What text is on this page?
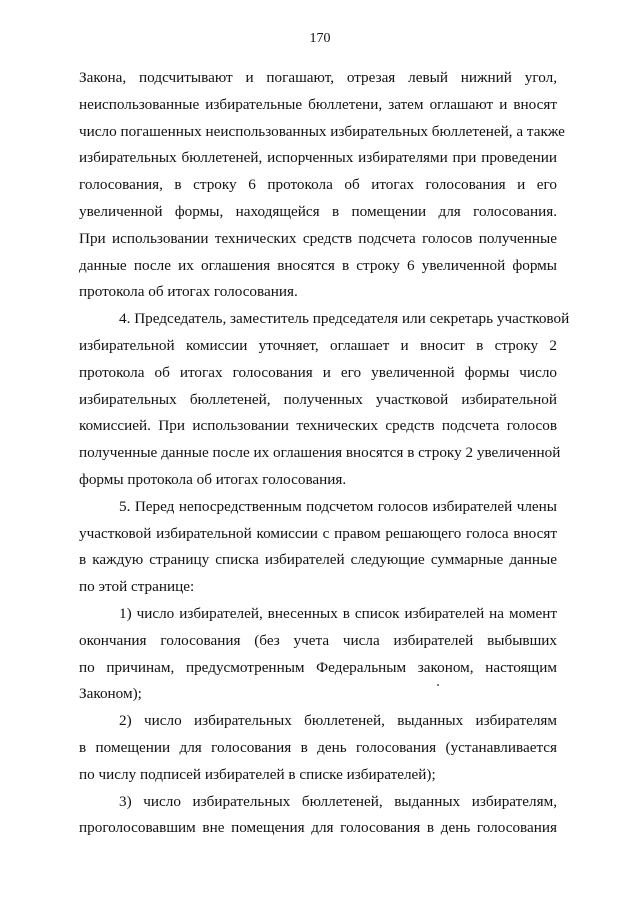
170
Закона, подсчитывают и погашают, отрезая левый нижний угол,
неиспользованные избирательные бюллетени, затем оглашают и вносят
число погашенных неиспользованных избирательных бюллетеней, а также
избирательных бюллетеней, испорченных избирателями при проведении
голосования, в строку 6 протокола об итогах голосования и его
увеличенной формы, находящейся в помещении для голосования.
При использовании технических средств подсчета голосов полученные
данные после их оглашения вносятся в строку 6 увеличенной формы
протокола об итогах голосования.
4. Председатель, заместитель председателя или секретарь участковой
избирательной комиссии уточняет, оглашает и вносит в строку 2
протокола об итогах голосования и его увеличенной формы число
избирательных бюллетеней, полученных участковой избирательной
комиссией. При использовании технических средств подсчета голосов
полученные данные после их оглашения вносятся в строку 2 увеличенной
формы протокола об итогах голосования.
5. Перед непосредственным подсчетом голосов избирателей члены
участковой избирательной комиссии с правом решающего голоса вносят
в каждую страницу списка избирателей следующие суммарные данные
по этой странице:
1) число избирателей, внесенных в список избирателей на момент
окончания голосования (без учета числа избирателей выбывших
по причинам, предусмотренным Федеральным законом, настоящим
Законом);
2) число избирательных бюллетеней, выданных избирателям
в помещении для голосования в день голосования (устанавливается
по числу подписей избирателей в списке избирателей);
3) число избирательных бюллетеней, выданных избирателям,
проголосовавшим вне помещения для голосования в день голосования
